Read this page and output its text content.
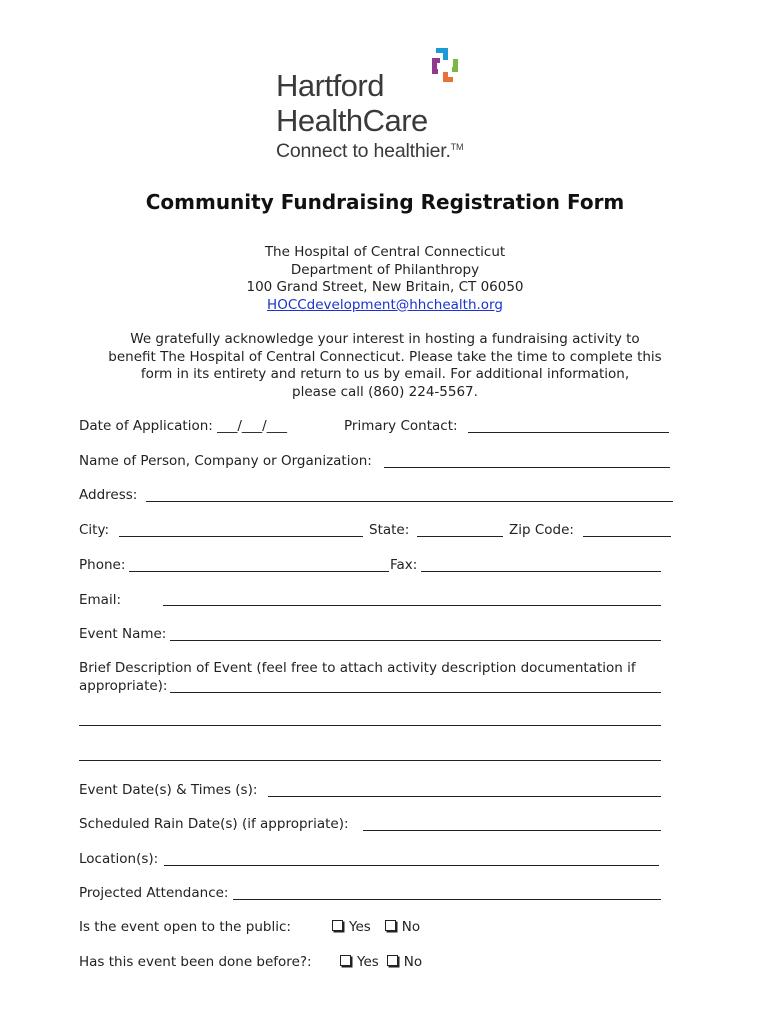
Hartford
HealthCare
Connect to healthier.™
Community Fundraising Registration Form
The Hospital of Central Connecticut
Department of Philanthropy
100 Grand Street, New Britain, CT 06050
HOCCdevelopment@hhchealth.org
We gratefully acknowledge your interest in hosting a fundraising activity to
benefit The Hospital of Central Connecticut. Please take the time to complete this
form in its entirety and return to us by email. For additional information,
please call (860) 224-5567.
Date of Application: ___/___/___	Primary Contact:
Name of Person, Company or Organization:
Address:
City:	State:	Zip Code:
Phone:	Fax:
Email:
Event Name:
Brief Description of Event (feel free to attach activity description documentation if
appropriate):
Event Date(s) & Times (s):
Scheduled Rain Date(s) (if appropriate):
Location(s):
Projected Attendance:
Is the event open to the public:	Yes No
Has this event been done before?:	Yes No
